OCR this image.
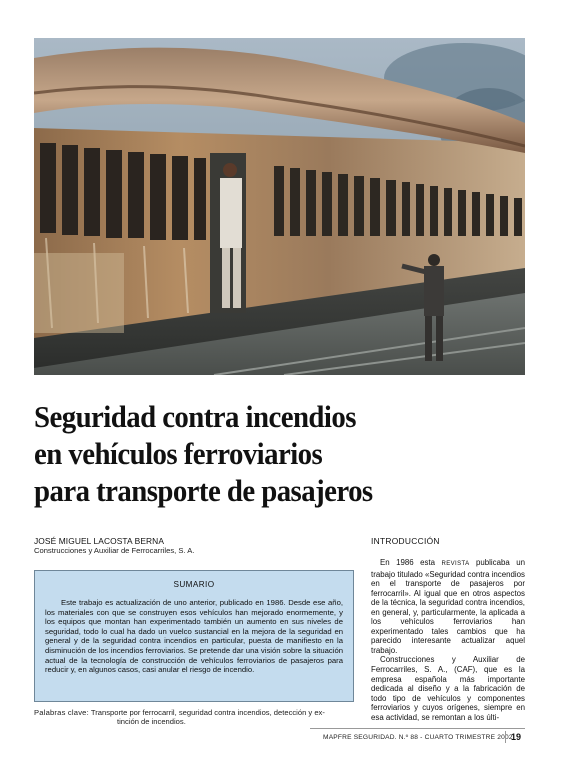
Seguridad contra incendios
en vehículos ferroviarios
para transporte de pasajeros
JOSÉ MIGUEL LACOSTA BERNA
Construcciones y Auxiliar de Ferrocarriles, S. A.
SUMARIO

Este trabajo es actualización de uno anterior, publicado en 1986. Desde ese año, los materiales con que se construyen esos vehículos han mejorado enormemente, y los equipos que montan han experimentado también un aumento en sus niveles de seguridad, todo lo cual ha dado un vuelco sustancial en la mejora de la seguridad en general y de la seguridad contra incendios en particular, puesta de manifiesto en la disminución de los incendios ferroviarios. Se pretende dar una visión sobre la situación actual de la tecnología de construcción de vehículos ferroviarios de pasajeros para reducir y, en algunos casos, casi anular el riesgo de incendio.

Palabras clave: Transporte por ferrocarril, seguridad contra incendios, detección y ex-
tinción de incendios.
INTRODUCCIÓN

En 1986 esta REVISTA publicaba un trabajo titulado «Seguridad contra incendios en el transporte de pasajeros por ferrocarril». Al igual que en otros aspectos de la técnica, la seguridad contra incendios, en general, y, particularmente, la aplicada a los vehículos ferroviarios han experimentado tales cambios que ha parecido interesante actualizar aquel trabajo.

Construcciones y Auxiliar de Ferrocarriles, S. A., (CAF), que es la empresa española más importante dedicada al diseño y a la fabricación de todo tipo de vehículos y componentes ferroviarios y cuyos orígenes, siempre en esa actividad, se remontan a los últi-

MAPFRE SEGURIDAD. N.º 88 - CUARTO TRIMESTRE 2002
19
